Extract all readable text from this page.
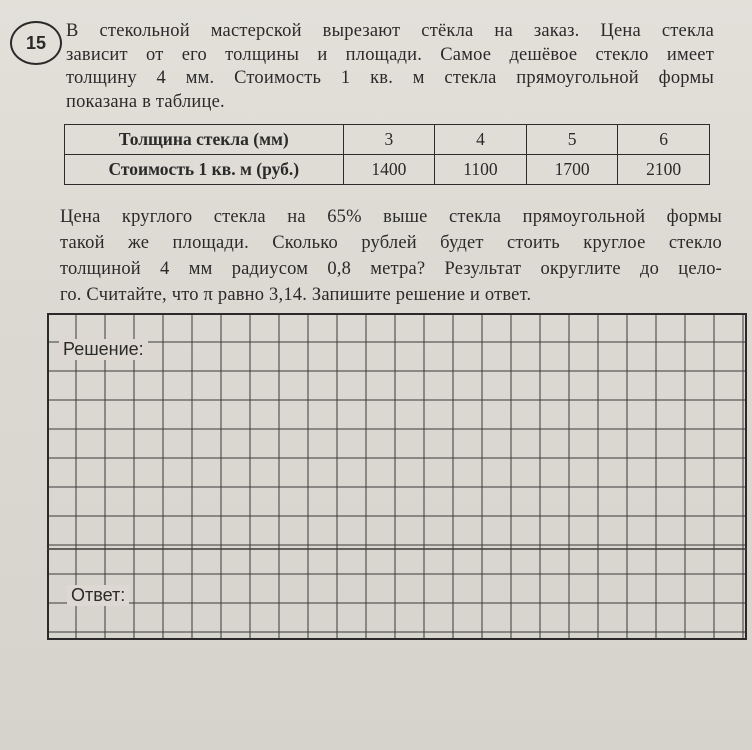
15
В стекольной мастерской вырезают стёкла на заказ. Цена стекла
зависит от его толщины и площади. Самое дешёвое стекло имеет
толщину 4 мм. Стоимость 1 кв. м стекла прямоугольной формы
показана в таблице.
Толщина стекла (мм)	3	4	5	6
Стоимость 1 кв. м (руб.)	1400	1100	1700	2100
Цена круглого стекла на 65% выше стекла прямоугольной формы
такой же площади. Сколько рублей будет стоить круглое стекло
толщиной 4 мм радиусом 0,8 метра? Результат округлите до цело-
го. Считайте, что π равно 3,14. Запишите решение и ответ.
Решение:
Ответ:
